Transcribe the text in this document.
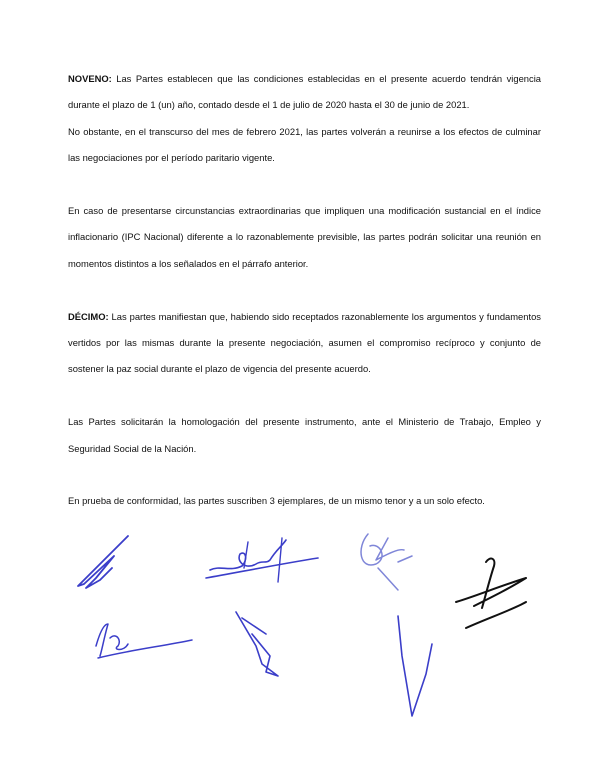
NOVENO: Las Partes establecen que las condiciones establecidas en el presente acuerdo tendrán vigencia durante el plazo de 1 (un) año, contado desde el 1 de julio de 2020 hasta el 30 de junio de 2021.

No obstante, en el transcurso del mes de febrero 2021, las partes volverán a reunirse a los efectos de culminar las negociaciones por el período paritario vigente.

En caso de presentarse circunstancias extraordinarias que impliquen una modificación sustancial en el índice inflacionario (IPC Nacional) diferente a lo razonablemente previsible, las partes podrán solicitar una reunión en momentos distintos a los señalados en el párrafo anterior.

DÉCIMO: Las partes manifiestan que, habiendo sido receptados razonablemente los argumentos y fundamentos vertidos por las mismas durante la presente negociación, asumen el compromiso recíproco y conjunto de sostener la paz social durante el plazo de vigencia del presente acuerdo.

Las Partes solicitarán la homologación del presente instrumento, ante el Ministerio de Trabajo, Empleo y Seguridad Social de la Nación.

En prueba de conformidad, las partes suscriben 3 ejemplares, de un mismo tenor y a un solo efecto.
